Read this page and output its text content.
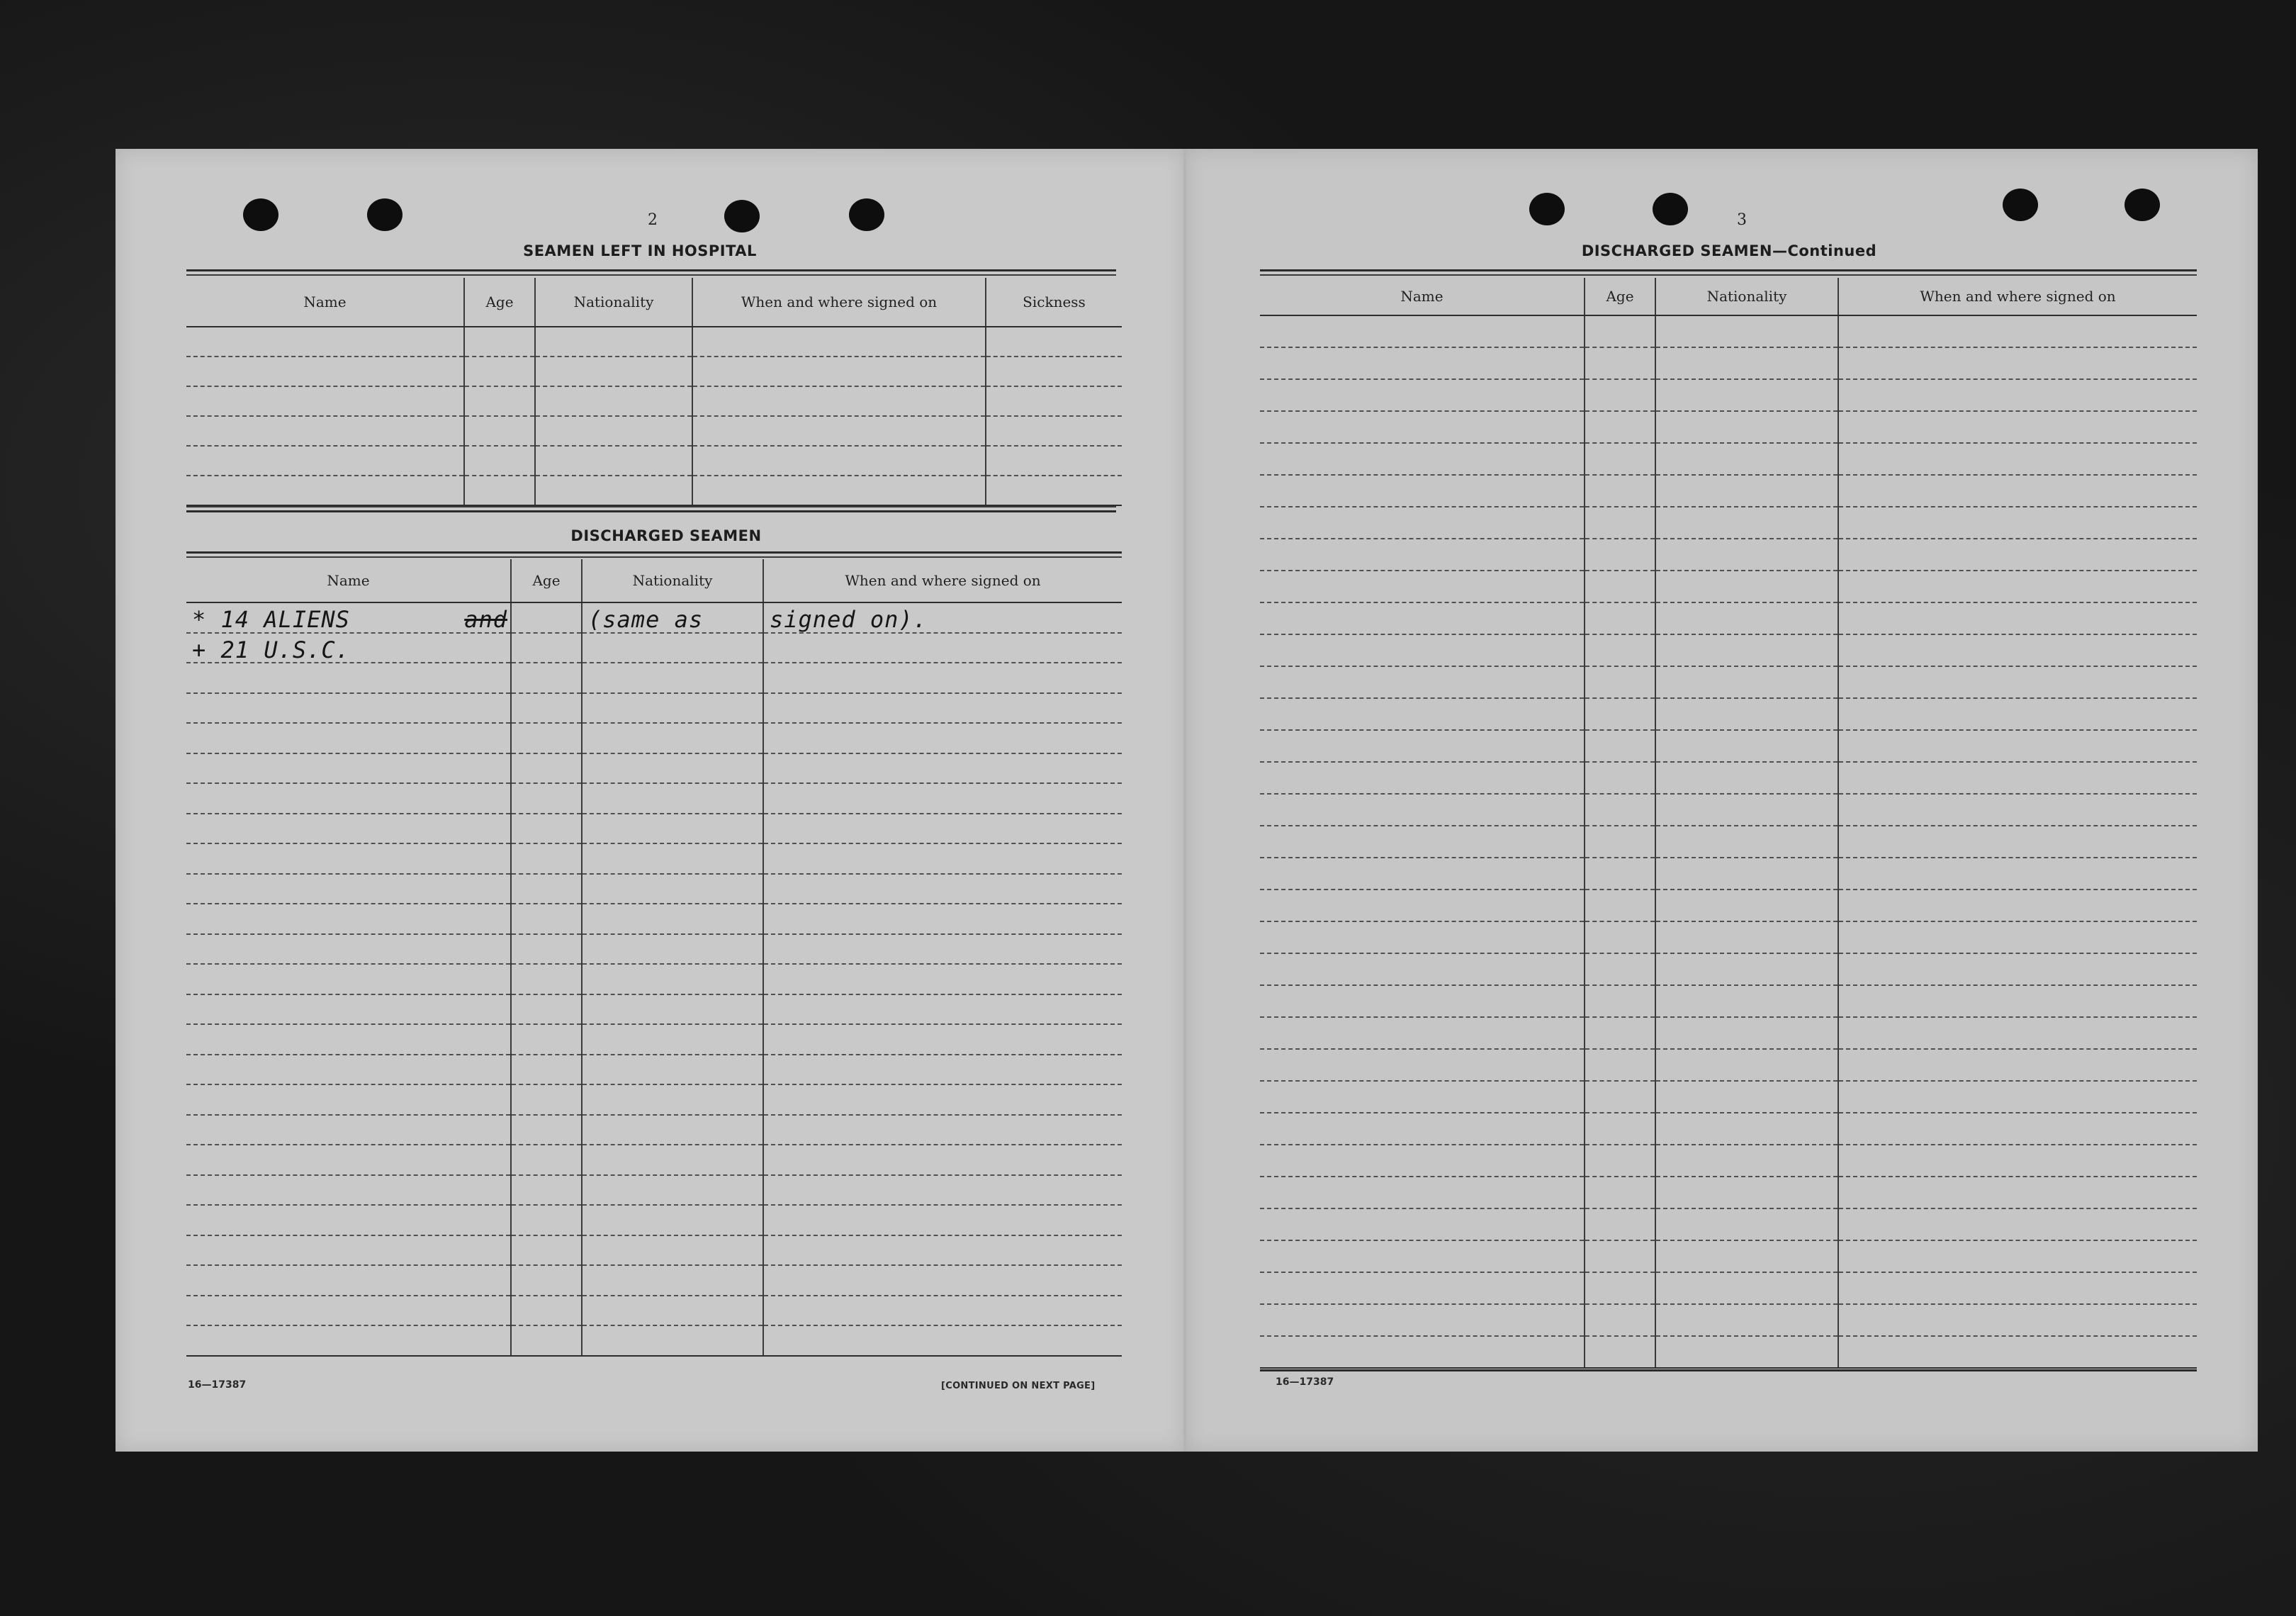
2
SEAMEN LEFT IN HOSPITAL
Name	Age	Nationality	When and where signed on	Sickness

DISCHARGED SEAMEN
Name	Age	Nationality	When and where signed on

* 14 ALIENS and		(same as	signed on).

+ 21 U.S.C.			

16—17387	[CONTINUED ON NEXT PAGE]
3
DISCHARGED SEAMEN—Continued
Name	Age	Nationality	When and where signed on

16—17387
